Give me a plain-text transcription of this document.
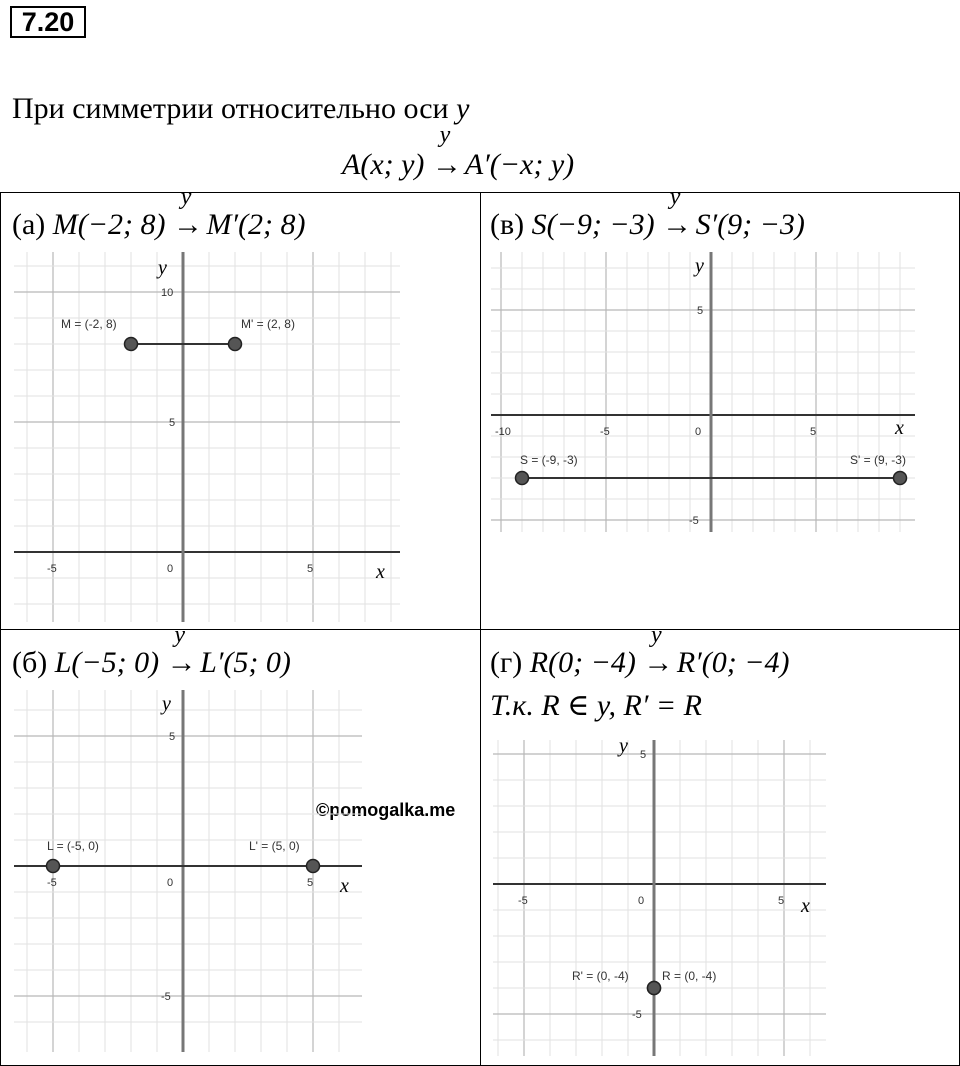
7.20
При симметрии относительно оси y
A(x; y)
y
→ A′(−x; y)
(а) M(−2; 8)
y
→ M′(2; 8)	(в) S(−9; −3)
y
→ S′(9; −3)
(б) L(−5; 0)
y
→ L′(5; 0)	(г) R(0; −4)
y
→ R′(0; −4)
Т.к. R ∈ y, R′ = R
©pomogalka.me
x
y
-5	0	5
10
5
M = (-2, 8)	M' = (2, 8)
x
y
-10	-5	0	5
5
-5
S = (-9, -3)	S' = (9, -3)
x
y
-5	0	5
5
-5
L = (-5, 0)	L' = (5, 0)
x
y
-5	0	5
5
-5
R' = (0, -4)	R = (0, -4)
